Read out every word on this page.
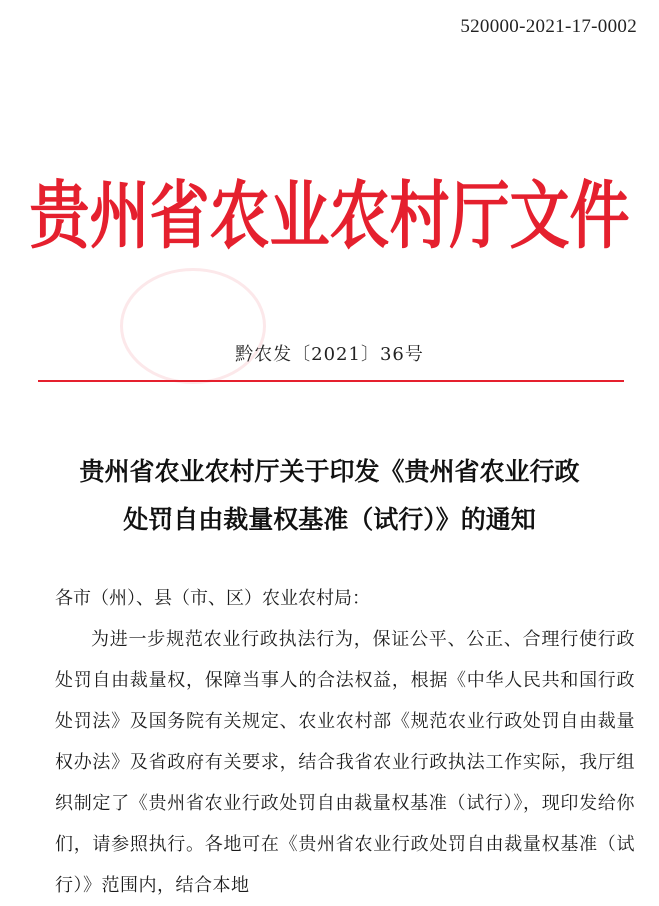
520000-2021-17-0002
贵州省农业农村厅文件
黔农发〔2021〕36号
贵州省农业农村厅关于印发《贵州省农业行政
处罚自由裁量权基准（试行）》的通知

各市（州）、县（市、区）农业农村局：

为进一步规范农业行政执法行为，保证公平、公正、合理行使行政处罚自由裁量权，保障当事人的合法权益，根据《中华人民共和国行政处罚法》及国务院有关规定、农业农村部《规范农业行政处罚自由裁量权办法》及省政府有关要求，结合我省农业行政执法工作实际，我厅组织制定了《贵州省农业行政处罚自由裁量权基准（试行）》，现印发给你们，请参照执行。各地可在《贵州省农业行政处罚自由裁量权基准（试行）》范围内，结合本地
